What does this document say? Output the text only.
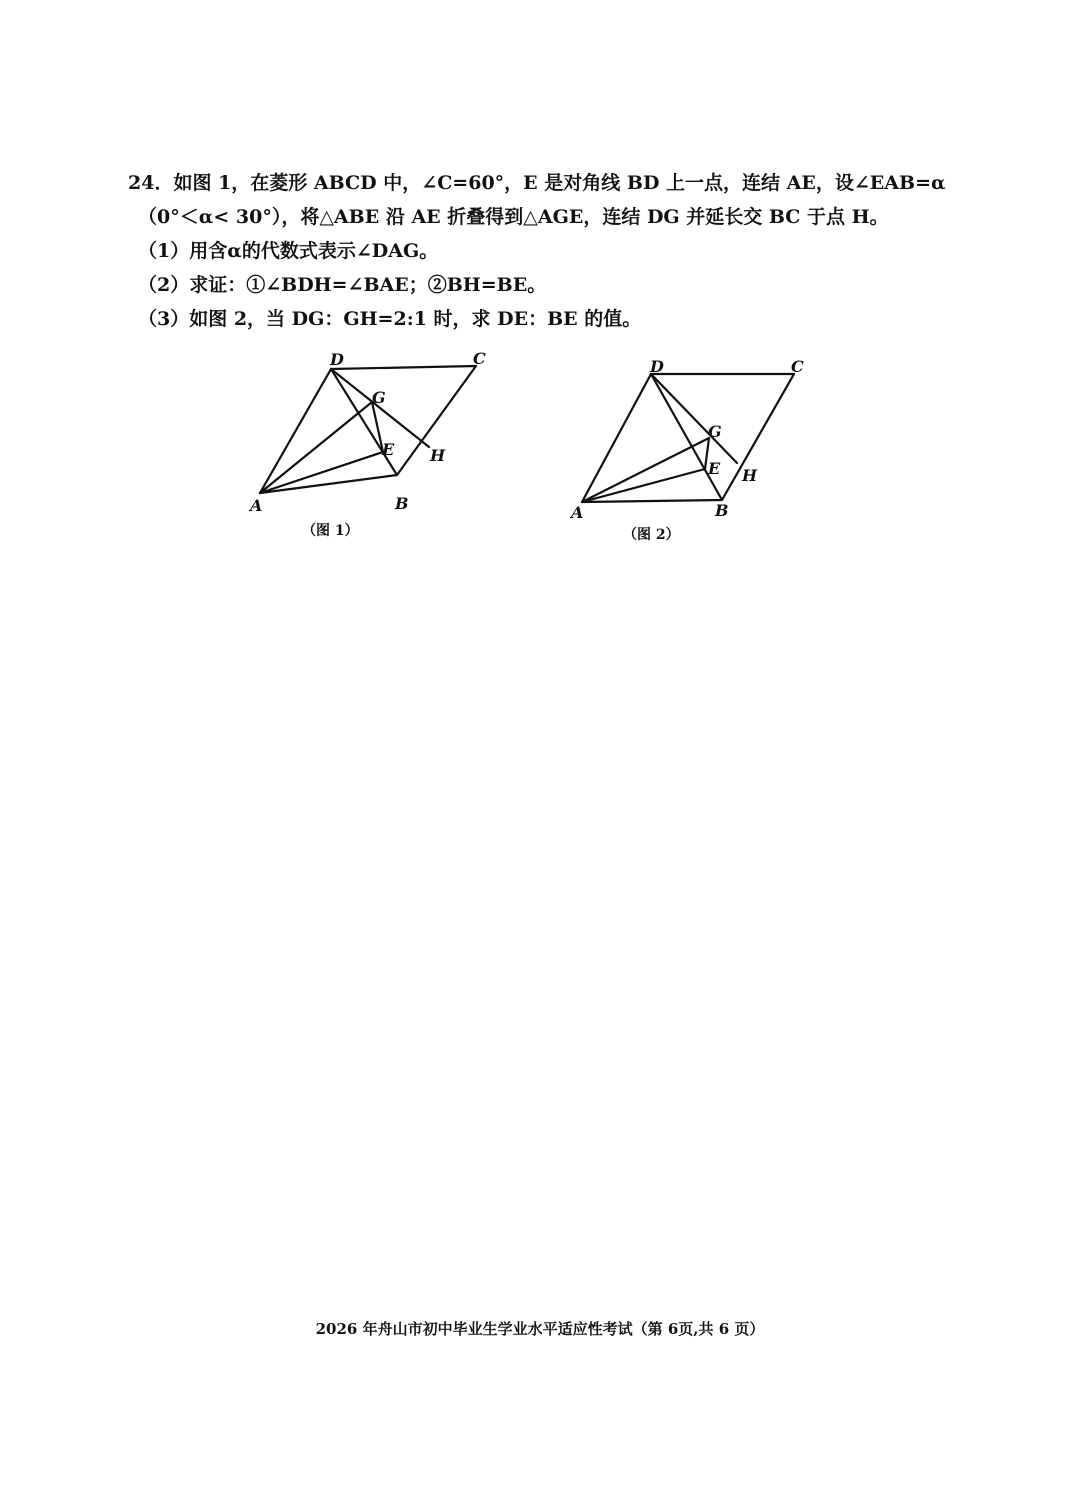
24．如图 1，在菱形 ABCD 中，∠C=60°，E 是对角线 BD 上一点，连结 AE，设∠EAB=α
（0°＜α< 30°），将△ABE 沿 AE 折叠得到△AGE，连结 DG 并延长交 BC 于点 H。
（1）用含α的代数式表示∠DAG。
（2）求证：①∠BDH=∠BAE；②BH=BE。
（3）如图 2，当 DG：GH=2:1 时，求 DE：BE 的值。
D	C
G
E H
A	B
（图 1）
D	C
G
E H
A	B
（图 2）
2026 年舟山市初中毕业生学业水平适应性考试（第 6页,共 6 页）
